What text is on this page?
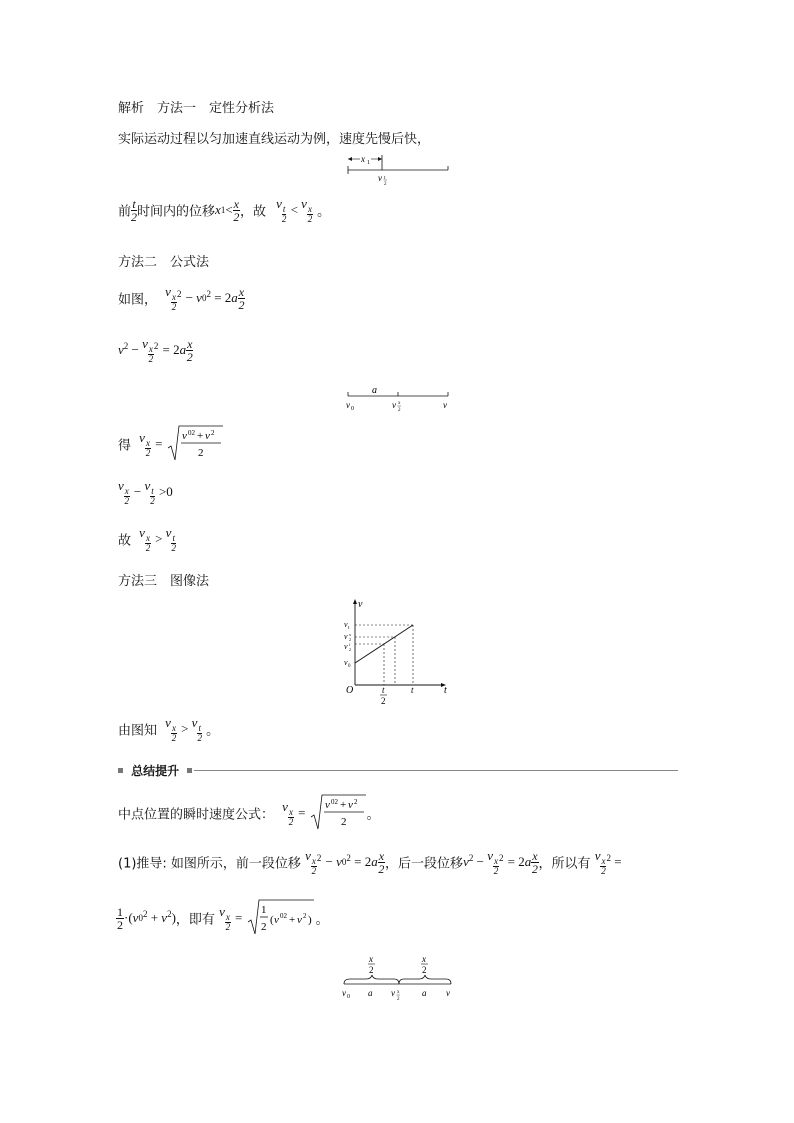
解析　方法一　定性分析法
实际运动过程以匀加速直线运动为例，速度先慢后快，
x 1
v t
2
前 $\frac{t}{2}$ 时间内的位移$x1< \frac{x}{2}$ ，故 v
$\frac{t}{2} < v$
$\frac{x}{2}$ 。
方法二　公式法
如图， v
$\frac{x}{2} ^2 - v0^2 = 2a \frac{x}{2}$
$v^2 - v$
$\frac{x}{2} ^2 = 2a \frac{x}{2}$
a
v 0	v x
2
v
得 v
$\frac{x}{2} = v$ 02 + v 2
2
v
$\frac{x}{2} - v$
$\frac{t}{2} >0$
故 v
$\frac{x}{2} > v$
$\frac{t}{2}$
方法三　图像法
v
t
O
v t
v x
2
v t
2
v 0
t
2
t
由图知 v
$\frac{x}{2} > v$
$\frac{t}{2}$ 。
总结提升
中点位置的瞬时速度公式： v
$\frac{x}{2} = v$ 02 + v 2
2 。
(1)推导: 如图所示，前一段位移 v
$\frac{x}{2} ^2 - v0^2 = 2a \frac{x}{2}$ ，后一段位移$v^2 - v$
$\frac{x}{2} ^2 = 2a \frac{x}{2}$ ，所以有 v
$\frac{x}{2} ^2$ =
$\frac{1}{2} \cdot(v0^2 + v^2)$，即有 v
$\frac{x}{2} = 1$
2
( v 02 + v 2 ) 。
x
2
x
2
v 0 a v x
2
a v
